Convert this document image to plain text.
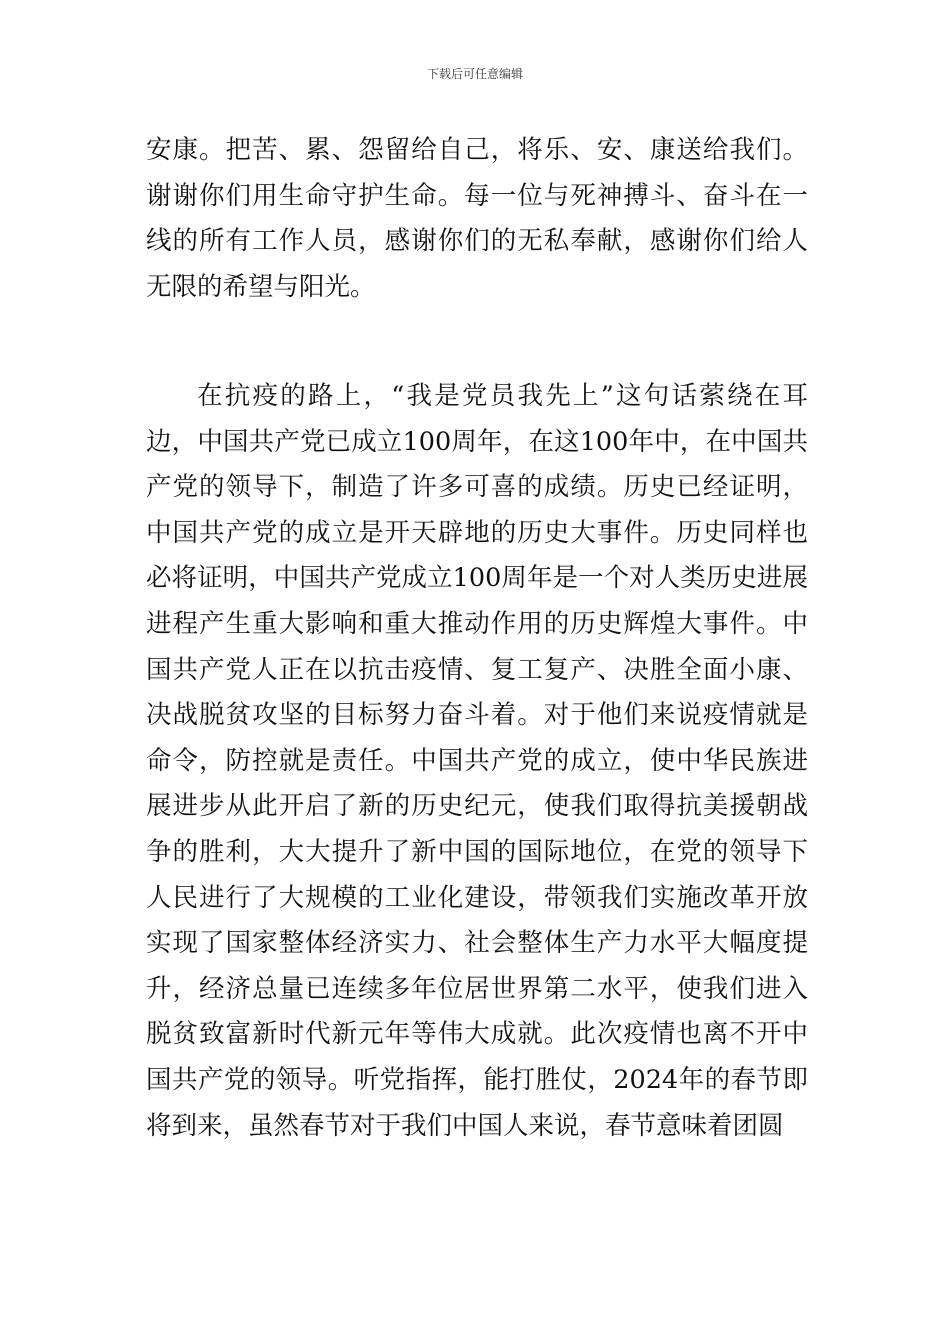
下载后可任意编辑

安康。把苦、累、怨留给自己，将乐、安、康送给我们。谢谢你们用生命守护生命。每一位与死神搏斗、奋斗在一线的所有工作人员，感谢你们的无私奉献，感谢你们给人无限的希望与阳光。

在抗疫的路上，“我是党员我先上”这句话萦绕在耳边，中国共产党已成立100周年，在这100年中，在中国共产党的领导下，制造了许多可喜的成绩。历史已经证明，中国共产党的成立是开天辟地的历史大事件。历史同样也必将证明，中国共产党成立100周年是一个对人类历史进展进程产生重大影响和重大推动作用的历史辉煌大事件。中国共产党人正在以抗击疫情、复工复产、决胜全面小康、决战脱贫攻坚的目标努力奋斗着。对于他们来说疫情就是命令，防控就是责任。中国共产党的成立，使中华民族进展进步从此开启了新的历史纪元，使我们取得抗美援朝战争的胜利，大大提升了新中国的国际地位，在党的领导下人民进行了大规模的工业化建设，带领我们实施改革开放实现了国家整体经济实力、社会整体生产力水平大幅度提升，经济总量已连续多年位居世界第二水平，使我们进入脱贫致富新时代新元年等伟大成就。此次疫情也离不开中国共产党的领导。听党指挥，能打胜仗，2024年的春节即将到来，虽然春节对于我们中国人来说，春节意味着团圆
